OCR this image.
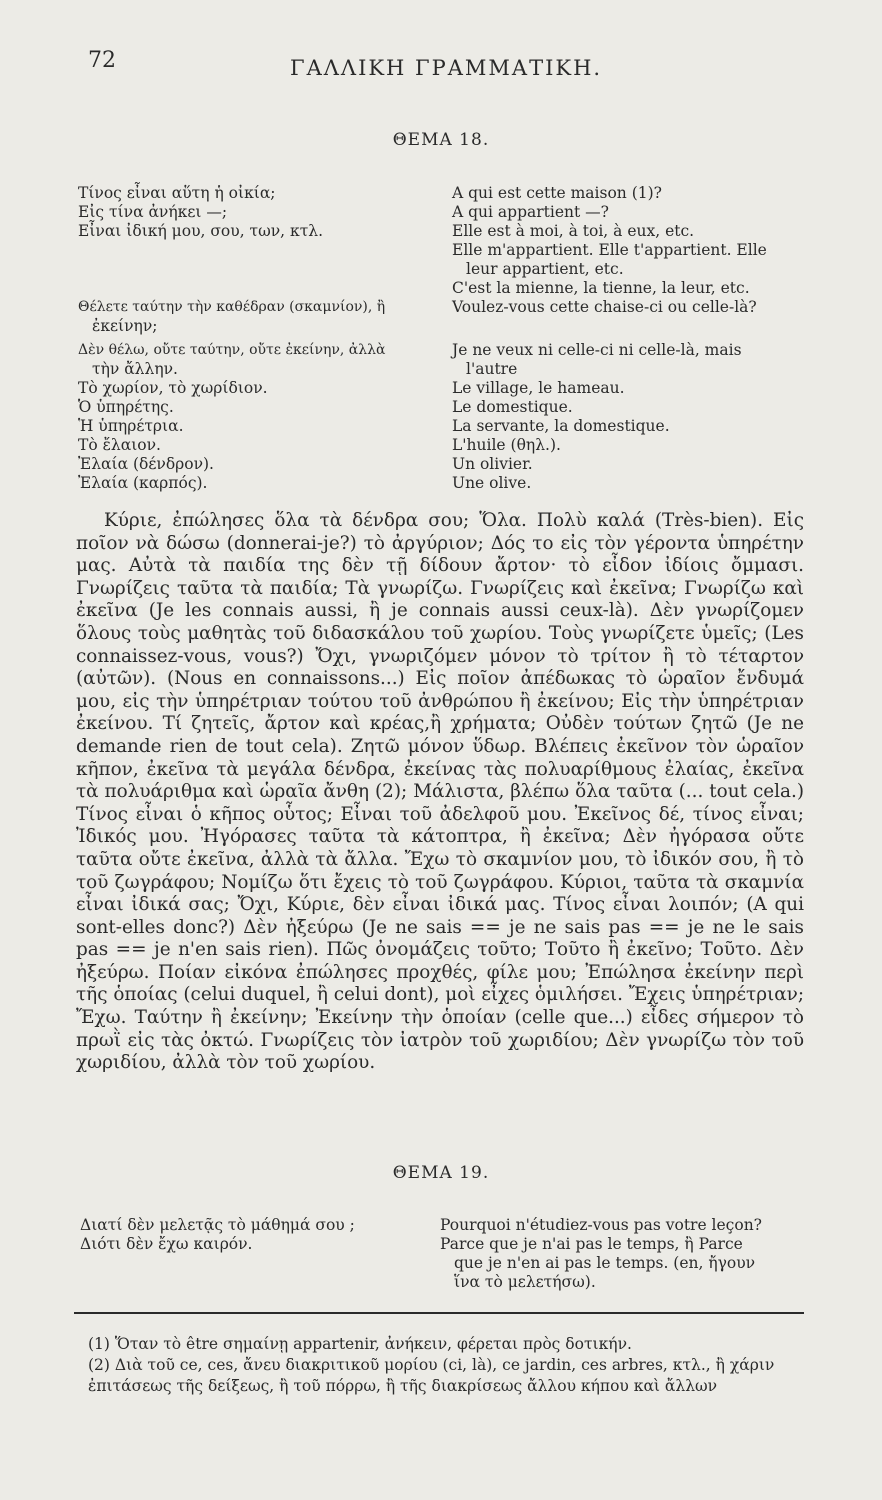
72	ΓΑΛΛΙΚΗ ΓΡΑΜΜΑΤΙΚΗ.
ΘΕΜΑ 18.
Τίνος εἶναι αὕτη ἡ οἰκία;	A qui est cette maison (1)?
Εἰς τίνα ἀνήκει —;	A qui appartient —?
Εἶναι ἰδική μου, σου, των, κτλ.	Elle est à moi, à toi, à eux, etc.
Elle m'appartient. Elle t'appartient. Elle
leur appartient, etc.
C'est la mienne, la tienne, la leur, etc.
Θέλετε ταύτην τὴν καθέδραν (σκαμνίον), ἢ	Voulez-vous cette chaise-ci ou celle-là?
ἐκείνην;
Δὲν θέλω, οὔτε ταύτην, οὔτε ἐκείνην, ἀλλὰ	Je ne veux ni celle-ci ni celle-là, mais
τὴν ἄλλην.	l'autre
Τὸ χωρίον, τὸ χωρίδιον.	Le village, le hameau.
Ὁ ὑπηρέτης.	Le domestique.
Ἡ ὑπηρέτρια.	La servante, la domestique.
Τὸ ἔλαιον.	L'huile (θηλ.).
Ἐλαία (δένδρον).	Un olivier.
Ἐλαία (καρπός).	Une olive.

Κύριε, ἐπώλησες ὅλα τὰ δένδρα σου; Ὅλα. Πολὺ καλά (Très-bien). Εἰς ποῖον νὰ δώσω (donnerai-je?) τὸ ἀργύριον; Δός το εἰς τὸν γέροντα ὑπηρέτην μας. Αὐτὰ τὰ παιδία της δὲν τῇ δίδουν ἄρτον· τὸ εἶδον ἰδίοις ὄμμασι. Γνωρίζεις ταῦτα τὰ παιδία; Τὰ γνωρίζω. Γνωρίζεις καὶ ἐκεῖνα; Γνωρίζω καὶ ἐκεῖνα (Je les connais aussi, ἢ je connais aussi ceux-là). Δὲν γνωρίζομεν ὅλους τοὺς μαθητὰς τοῦ διδασκάλου τοῦ χωρίου. Τοὺς γνωρίζετε ὑμεῖς; (Les connaissez-vous, vous?) Ὄχι, γνωριζόμεν μόνον τὸ τρίτον ἢ τὸ τέταρτον (αὐτῶν). (Nous en connaissons...) Εἰς ποῖον ἀπέδωκας τὸ ὡραῖον ἔνδυμά μου, εἰς τὴν ὑπηρέτριαν τούτου τοῦ ἀνθρώπου ἢ ἐκείνου; Εἰς τὴν ὑπηρέτριαν ἐκείνου. Τί ζητεῖς, ἄρτον καὶ κρέας,ἢ χρήματα; Οὐδὲν τούτων ζητῶ (Je ne demande rien de tout cela). Ζητῶ μόνον ὕδωρ. Βλέπεις ἐκεῖνον τὸν ὡραῖον κῆπον, ἐκεῖνα τὰ μεγάλα δένδρα, ἐκείνας τὰς πολυαρίθμους ἐλαίας, ἐκεῖνα τὰ πολυάριθμα καὶ ὡραῖα ἄνθη (2); Μάλιστα, βλέπω ὅλα ταῦτα (... tout cela.) Τίνος εἶναι ὁ κῆπος οὗτος; Εἶναι τοῦ ἀδελφοῦ μου. Ἐκεῖνος δέ, τίνος εἶναι; Ἰδικός μου. Ἠγόρασες ταῦτα τὰ κάτοπτρα, ἢ ἐκεῖνα; Δὲν ἠγόρασα οὔτε ταῦτα οὔτε ἐκεῖνα, ἀλλὰ τὰ ἄλλα. Ἔχω τὸ σκαμνίον μου, τὸ ἰδικόν σου, ἢ τὸ τοῦ ζωγράφου; Νομίζω ὅτι ἔχεις τὸ τοῦ ζωγράφου. Κύριοι, ταῦτα τὰ σκαμνία εἶναι ἰδικά σας; Ὄχι, Κύριε, δὲν εἶναι ἰδικά μας. Τίνος εἶναι λοιπόν; (A qui sont-elles donc?) Δὲν ἠξεύρω (Je ne sais == je ne sais pas == je ne le sais pas == je n'en sais rien). Πῶς ὀνομάζεις τοῦτο; Τοῦτο ἢ ἐκεῖνο; Τοῦτο. Δὲν ἠξεύρω. Ποίαν εἰκόνα ἐπώλησες προχθές, φίλε μου; Ἐπώλησα ἐκείνην περὶ τῆς ὁποίας (celui duquel, ἢ celui dont), μοὶ εἶχες ὁμιλήσει. Ἔχεις ὑπηρέτριαν; Ἔχω. Ταύτην ἢ ἐκείνην; Ἐκείνην τὴν ὁποίαν (celle que...) εἶδες σήμερον τὸ πρωῒ εἰς τὰς ὀκτώ. Γνωρίζεις τὸν ἰατρὸν τοῦ χωριδίου; Δὲν γνωρίζω τὸν τοῦ χωριδίου, ἀλλὰ τὸν τοῦ χωρίου.

ΘΕΜΑ 19.
Διατί δὲν μελετᾷς τὸ μάθημά σου ;	Pourquoi n'étudiez-vous pas votre leçon?
Διότι δὲν ἔχω καιρόν.	Parce que je n'ai pas le temps, ἢ Parce
que je n'en ai pas le temps. (en, ἤγουν
ἵνα τὸ μελετήσω).
(1) Ὅταν τὸ être σημαίνῃ appartenir, ἀνήκειν, φέρεται πρὸς δοτικήν.
(2) Διὰ τοῦ ce, ces, ἄνευ διακριτικοῦ μορίου (ci, là), ce jardin, ces arbres, κτλ., ἢ χάριν ἐπιτάσεως τῆς δείξεως, ἢ τοῦ πόρρω, ἢ τῆς διακρίσεως ἄλλου κήπου καὶ ἄλλων
